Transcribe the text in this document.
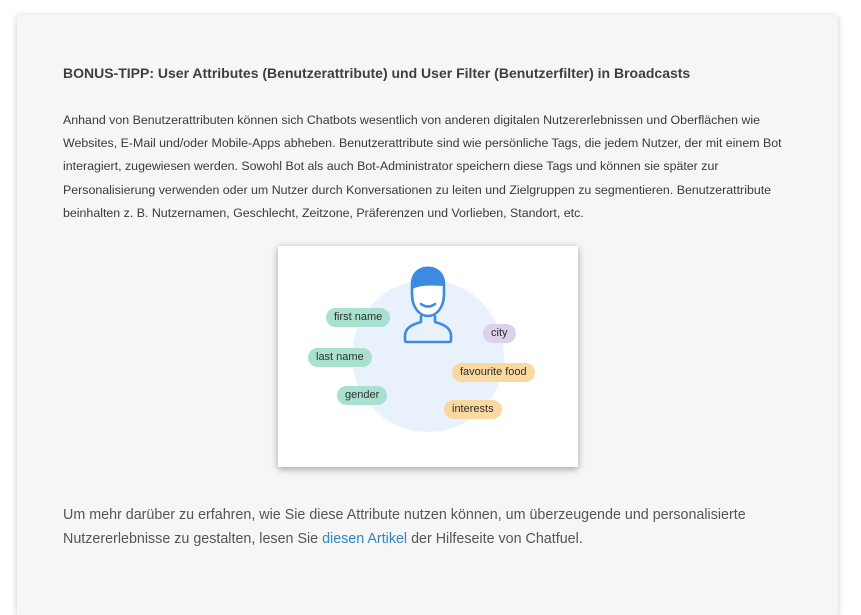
BONUS-TIPP: User Attributes (Benutzerattribute) und User Filter (Benutzerfilter) in Broadcasts

Anhand von Benutzerattributen können sich Chatbots wesentlich von anderen digitalen Nutzererlebnissen und Oberflächen wie Websites, E-Mail und/oder Mobile-Apps abheben. Benutzerattribute sind wie persönliche Tags, die jedem Nutzer, der mit einem Bot interagiert, zugewiesen werden. Sowohl Bot als auch Bot-Administrator speichern diese Tags und können sie später zur Personalisierung verwenden oder um Nutzer durch Konversationen zu leiten und Zielgruppen zu segmentieren. Benutzerattribute beinhalten z. B. Nutzernamen, Geschlecht, Zeitzone, Präferenzen und Vorlieben, Standort, etc.

first name
last name
gender
city
favourite food
interests

Um mehr darüber zu erfahren, wie Sie diese Attribute nutzen können, um überzeugende und personalisierte Nutzererlebnisse zu gestalten, lesen Sie diesen Artikel der Hilfeseite von Chatfuel.
